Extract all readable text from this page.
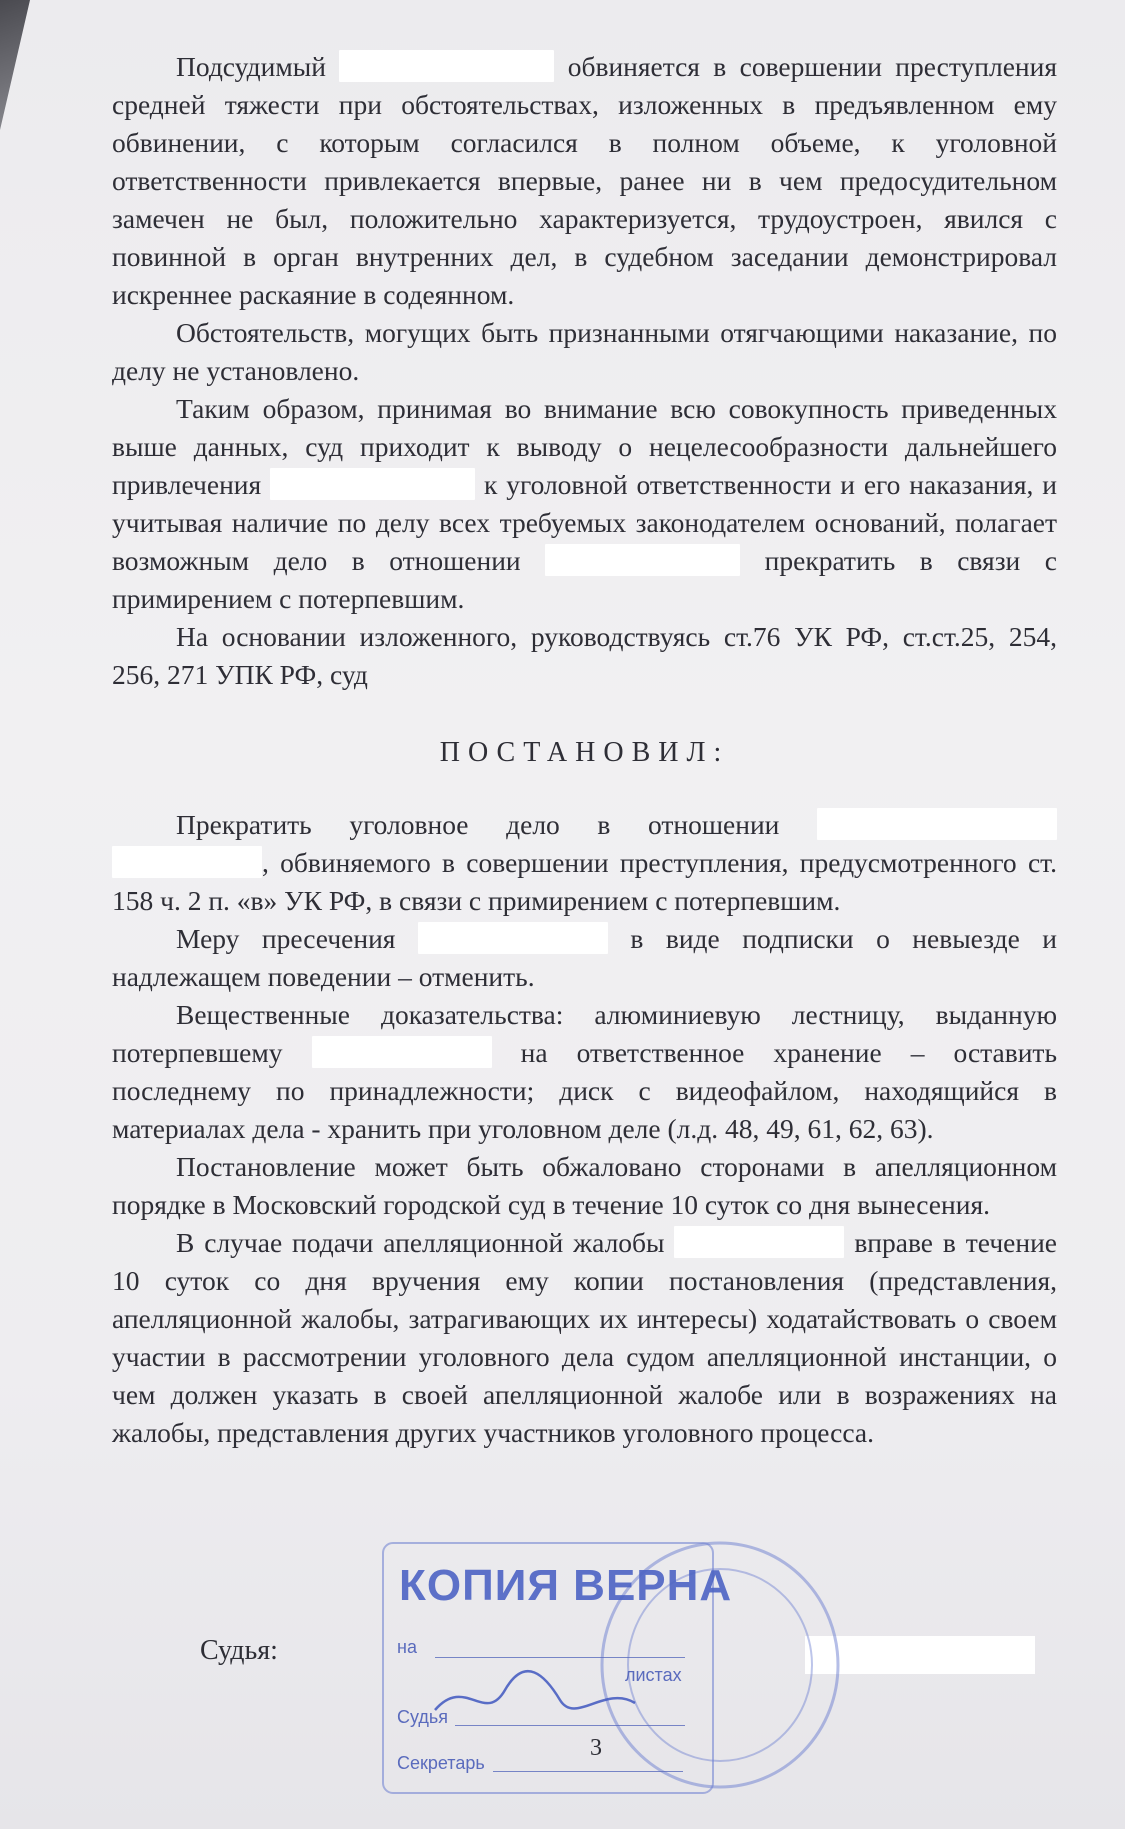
Подсудимый	обвиняется в совершении преступления средней тяжести при обстоятельствах, изложенных в предъявленном ему обвинении, с которым согласился в полном объеме, к уголовной ответственности привлекается впервые, ранее ни в чем предосудительном замечен не был, положительно характеризуется, трудоустроен, явился с повинной в орган внутренних дел, в судебном заседании демонстрировал искреннее раскаяние в содеянном.

Обстоятельств, могущих быть признанными отягчающими наказание, по делу не установлено.

Таким образом, принимая во внимание всю совокупность приведенных выше данных, суд приходит к выводу о нецелесообразности дальнейшего привлечения	к уголовной ответственности и его наказания, и учитывая наличие по делу всех требуемых законодателем оснований, полагает возможным дело в отношении	прекратить в связи с примирением с потерпевшим.

На основании изложенного, руководствуясь ст.76 УК РФ, ст.ст.25, 254, 256, 271 УПК РФ, суд

ПОСТАНОВИЛ:

Прекратить уголовное дело в отношении  , обвиняемого в совершении преступления, предусмотренного ст. 158 ч. 2 п. «в» УК РФ, в связи с примирением с потерпевшим.

Меру пресечения	в виде подписки о невыезде и надлежащем поведении – отменить.

Вещественные доказательства: алюминиевую лестницу, выданную потерпевшему	на ответственное хранение – оставить последнему по принадлежности; диск с видеофайлом, находящийся в материалах дела - хранить при уголовном деле (л.д. 48, 49, 61, 62, 63).

Постановление может быть обжаловано сторонами в апелляционном порядке в Московский городской суд в течение 10 суток со дня вынесения.

В случае подачи апелляционной жалобы	вправе в течение 10 суток со дня вручения ему копии постановления (представления, апелляционной жалобы, затрагивающих их интересы) ходатайствовать о своем участии в рассмотрении уголовного дела судом апелляционной инстанции, о чем должен указать в своей апелляционной жалобе или в возражениях на жалобы, представления других участников уголовного процесса.

Судья:
КОПИЯ ВЕРНА
на
листах
Судья
Секретарь
3
